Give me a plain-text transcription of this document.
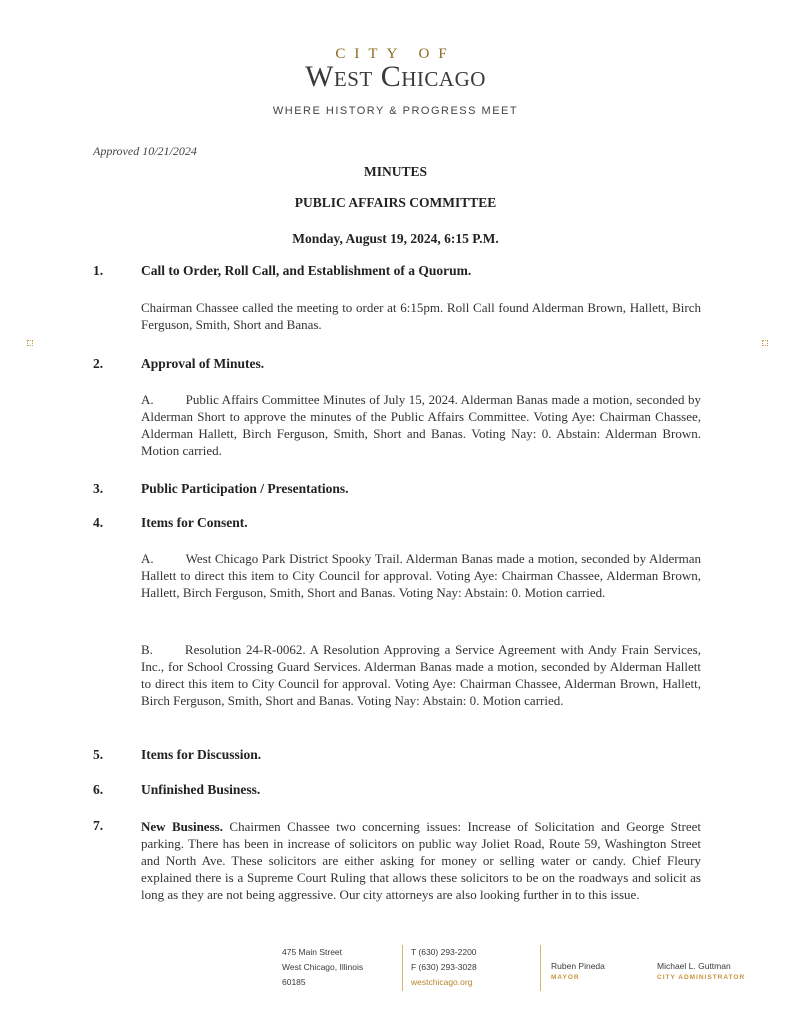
CITY OF
West Chicago
WHERE HISTORY & PROGRESS MEET
Approved 10/21/2024
MINUTES
PUBLIC AFFAIRS COMMITTEE
Monday, August 19, 2024, 6:15 P.M.
1.	Call to Order, Roll Call, and Establishment of a Quorum.
Chairman Chassee called the meeting to order at 6:15pm. Roll Call found Alderman Brown, Hallett, Birch Ferguson, Smith, Short and Banas.
2.	Approval of Minutes.
A. Public Affairs Committee Minutes of July 15, 2024. Alderman Banas made a motion, seconded by Alderman Short to approve the minutes of the Public Affairs Committee. Voting Aye: Chairman Chassee, Alderman Hallett, Birch Ferguson, Smith, Short and Banas. Voting Nay: 0. Abstain: Alderman Brown. Motion carried.
3.	Public Participation / Presentations.
4.	Items for Consent.
A. West Chicago Park District Spooky Trail. Alderman Banas made a motion, seconded by Alderman Hallett to direct this item to City Council for approval. Voting Aye: Chairman Chassee, Alderman Brown, Hallett, Birch Ferguson, Smith, Short and Banas. Voting Nay: Abstain: 0. Motion carried.
B. Resolution 24-R-0062. A Resolution Approving a Service Agreement with Andy Frain Services, Inc., for School Crossing Guard Services. Alderman Banas made a motion, seconded by Alderman Hallett to direct this item to City Council for approval. Voting Aye: Chairman Chassee, Alderman Brown, Hallett, Birch Ferguson, Smith, Short and Banas. Voting Nay: Abstain: 0. Motion carried.
5.	Items for Discussion.
6.	Unfinished Business.
7.	New Business. Chairmen Chassee two concerning issues: Increase of Solicitation and George Street parking. There has been in increase of solicitors on public way Joliet Road, Route 59, Washington Street and North Ave. These solicitors are either asking for money or selling water or candy. Chief Fleury explained there is a Supreme Court Ruling that allows these solicitors to be on the roadways and solicit as long as they are not being aggressive. Our city attorneys are also looking further in to this issue.
475 Main Street
West Chicago, Illinois
60185
T (630) 293-2200
F (630) 293-3028
westchicago.org
Ruben Pineda
MAYOR
Michael L. Guttman
CITY ADMINISTRATOR
